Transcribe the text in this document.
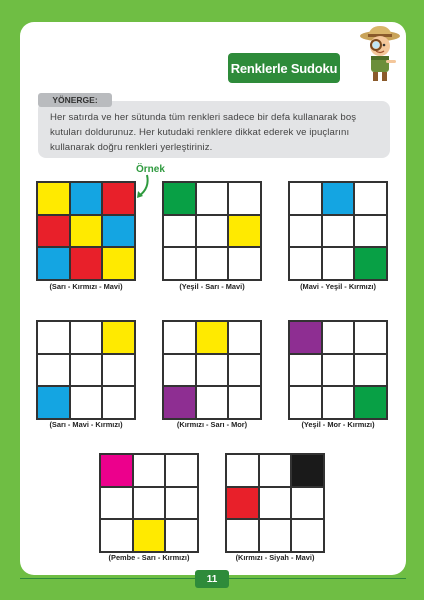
Renklerle Sudoku
YÖNERGE:
Her satırda ve her sütunda tüm renkleri sadece bir defa kullanarak boş kutuları doldurunuz. Her kutudaki renklere dikkat ederek ve ipuçlarını kullanarak doğru renkleri yerleştiriniz.
Örnek
(Sarı - Kırmızı - Mavi)	(Yeşil - Sarı - Mavi)	(Mavi - Yeşil - Kırmızı)
(Sarı - Mavi - Kırmızı)	(Kırmızı - Sarı - Mor)	(Yeşil - Mor - Kırmızı)
(Pembe - Sarı - Kırmızı)	(Kırmızı - Siyah - Mavi)
11
